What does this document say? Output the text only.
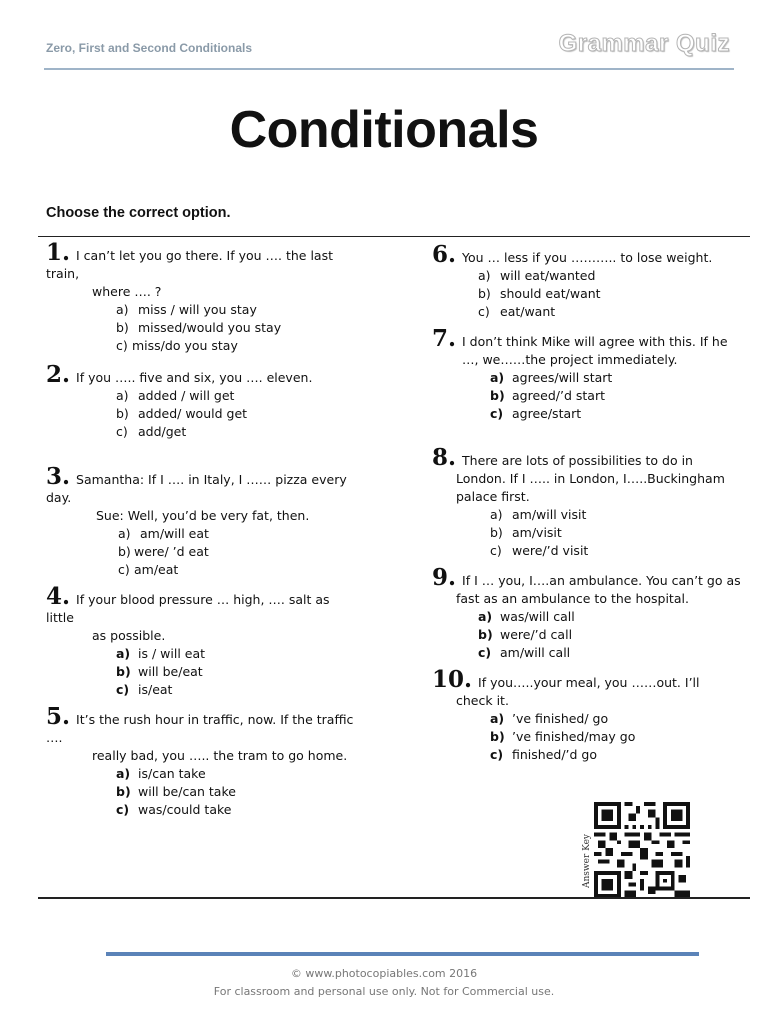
Zero, First and Second Conditionals	Grammar Quiz
Conditionals
Choose the correct option.
1. I can’t let you go there. If you …. the last train,
where …. ?
a) miss / will you stay
b) missed/would you stay
c) miss/do you stay
2. If you ….. five and six, you …. eleven.
a) added / will get
b) added/ would get
c) add/get
3. Samantha: If I …. in Italy, I …… pizza every day.
Sue: Well, you’d be very fat, then.
a) am/will eat
b) were/ ’d eat
c) am/eat
4. If your blood pressure … high, …. salt as little
as possible.
a) is / will eat
b) will be/eat
c) is/eat
5. It’s the rush hour in traffic, now. If the traffic ….
really bad, you ….. the tram to go home.
a) is/can take
b) will be/can take
c) was/could take
6. You … less if you ……….. to lose weight.
a) will eat/wanted
b) should eat/want
c) eat/want
7. I don’t think Mike will agree with this. If he
…, we……the project immediately.
a) agrees/will start
b) agreed/’d start
c) agree/start
8. There are lots of possibilities to do in
London. If I ….. in London, I…..Buckingham
palace first.
a) am/will visit
b) am/visit
c) were/’d visit
9. If I … you, I….an ambulance. You can’t go as
fast as an ambulance to the hospital.
a) was/will call
b) were/’d call
c) am/will call
10. If you…..your meal, you ……out. I’ll
check it.
a) ’ve finished/ go
b) ’ve finished/may go
c) finished/’d go
Answer Key
© www.photocopiables.com 2016
For classroom and personal use only. Not for Commercial use.
